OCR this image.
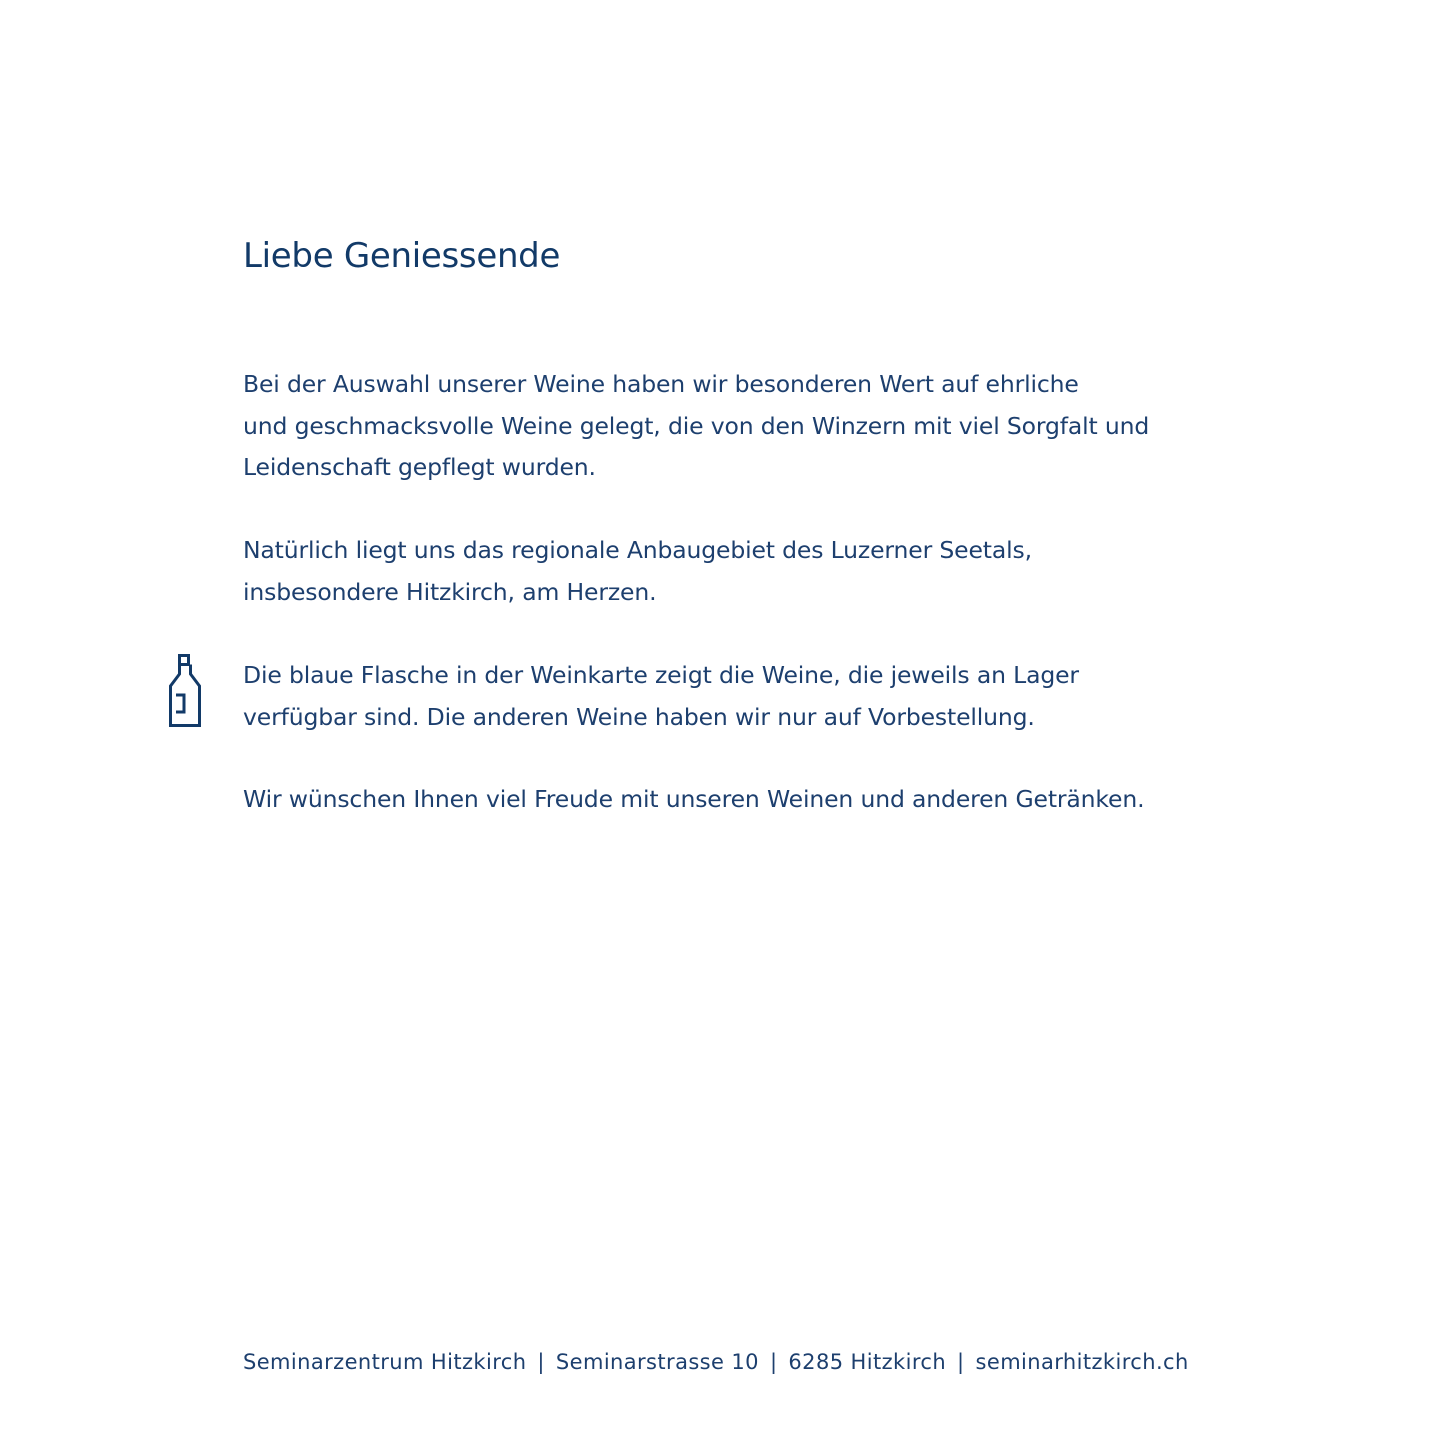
Liebe Geniessende

Bei der Auswahl unserer Weine haben wir besonderen Wert auf ehrliche
und geschmacksvolle Weine gelegt, die von den Winzern mit viel Sorgfalt und
Leidenschaft gepflegt wurden.

Natürlich liegt uns das regionale Anbaugebiet des Luzerner Seetals,
insbesondere Hitzkirch, am Herzen.

Die blaue Flasche in der Weinkarte zeigt die Weine, die jeweils an Lager
verfügbar sind. Die anderen Weine haben wir nur auf Vorbestellung.

Wir wünschen Ihnen viel Freude mit unseren Weinen und anderen Getränken.

Seminarzentrum Hitzkirch | Seminarstrasse 10 | 6285 Hitzkirch | seminarhitzkirch.ch
